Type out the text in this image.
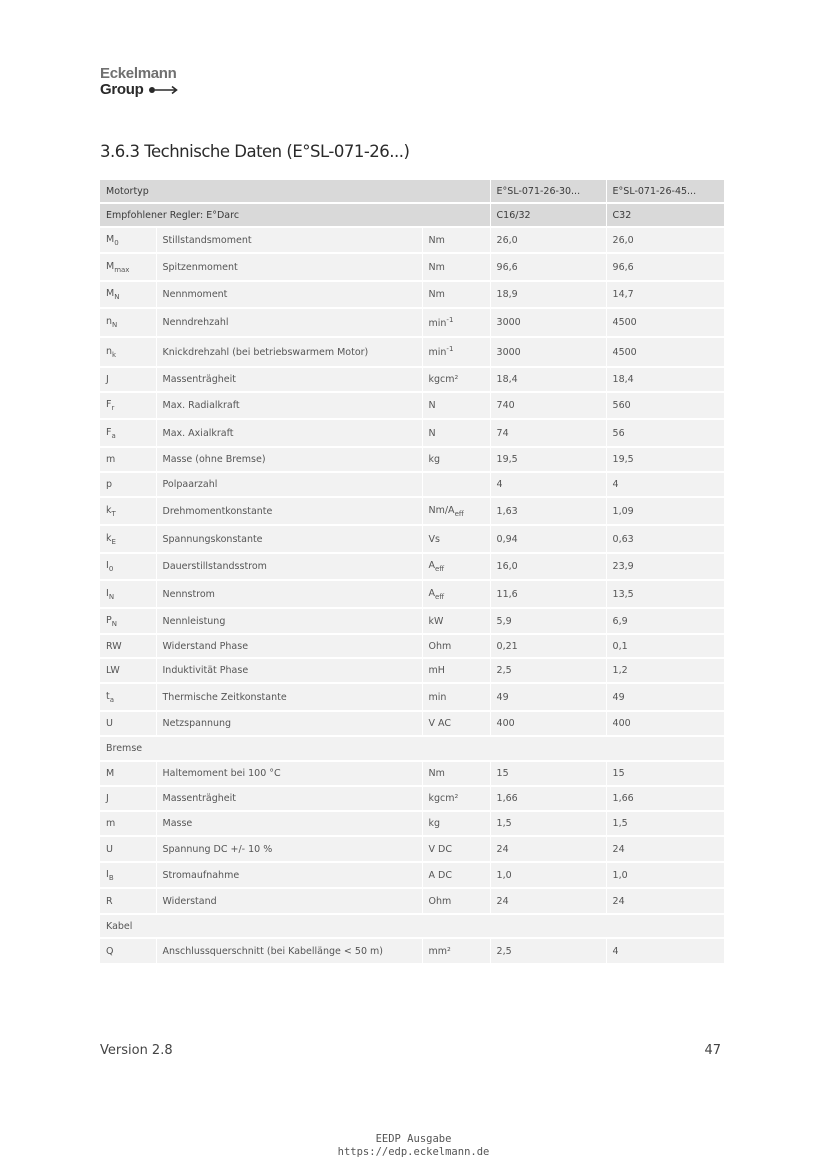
Eckelmann
Group
3.6.3 Technische Daten (E°SL-071-26...)
Motortyp			E°SL-071-26-30...	E°SL-071-26-45...
Empfohlener Regler: E°Darc			C16/32	C32
$M_0$	Stillstandsmoment	Nm	26,0	26,0
$M_{max}$	Spitzenmoment	Nm	96,6	96,6
$M_N$	Nennmoment	Nm	18,9	14,7
$n_N$	Nenndrehzahl	$\min^{-1}$	3000	4500
$n_k$	Knickdrehzahl (bei betriebswarmem Motor)	$\min^{-1}$	3000	4500
J	Massenträgheit	kgcm²	18,4	18,4
$F_r$	Max. Radialkraft	N	740	560
$F_a$	Max. Axialkraft	N	74	56
m	Masse (ohne Bremse)	kg	19,5	19,5
p	Polpaarzahl		4	4
$k_T$	Drehmomentkonstante	$Nm/A_{eff}$	1,63	1,09
$k_E$	Spannungskonstante	Vs	0,94	0,63
$I_0$	Dauerstillstandsstrom	$A_{eff}$	16,0	23,9
$I_N$	Nennstrom	$A_{eff}$	11,6	13,5
$P_N$	Nennleistung	kW	5,9	6,9
RW	Widerstand Phase	Ohm	0,21	0,1
LW	Induktivität Phase	mH	2,5	1,2
$t_a$	Thermische Zeitkonstante	min	49	49
U	Netzspannung	V AC	400	400
Bremse				
M	Haltemoment bei 100 °C	Nm	15	15
J	Massenträgheit	kgcm²	1,66	1,66
m	Masse	kg	1,5	1,5
U	Spannung DC +/- 10 %	V DC	24	24
$I_B$	Stromaufnahme	A DC	1,0	1,0
R	Widerstand	Ohm	24	24
Kabel				
Q	Anschlussquerschnitt (bei Kabellänge < 50 m)	mm²	2,5	4
Version 2.8	47
EEDP Ausgabe
https://edp.eckelmann.de
